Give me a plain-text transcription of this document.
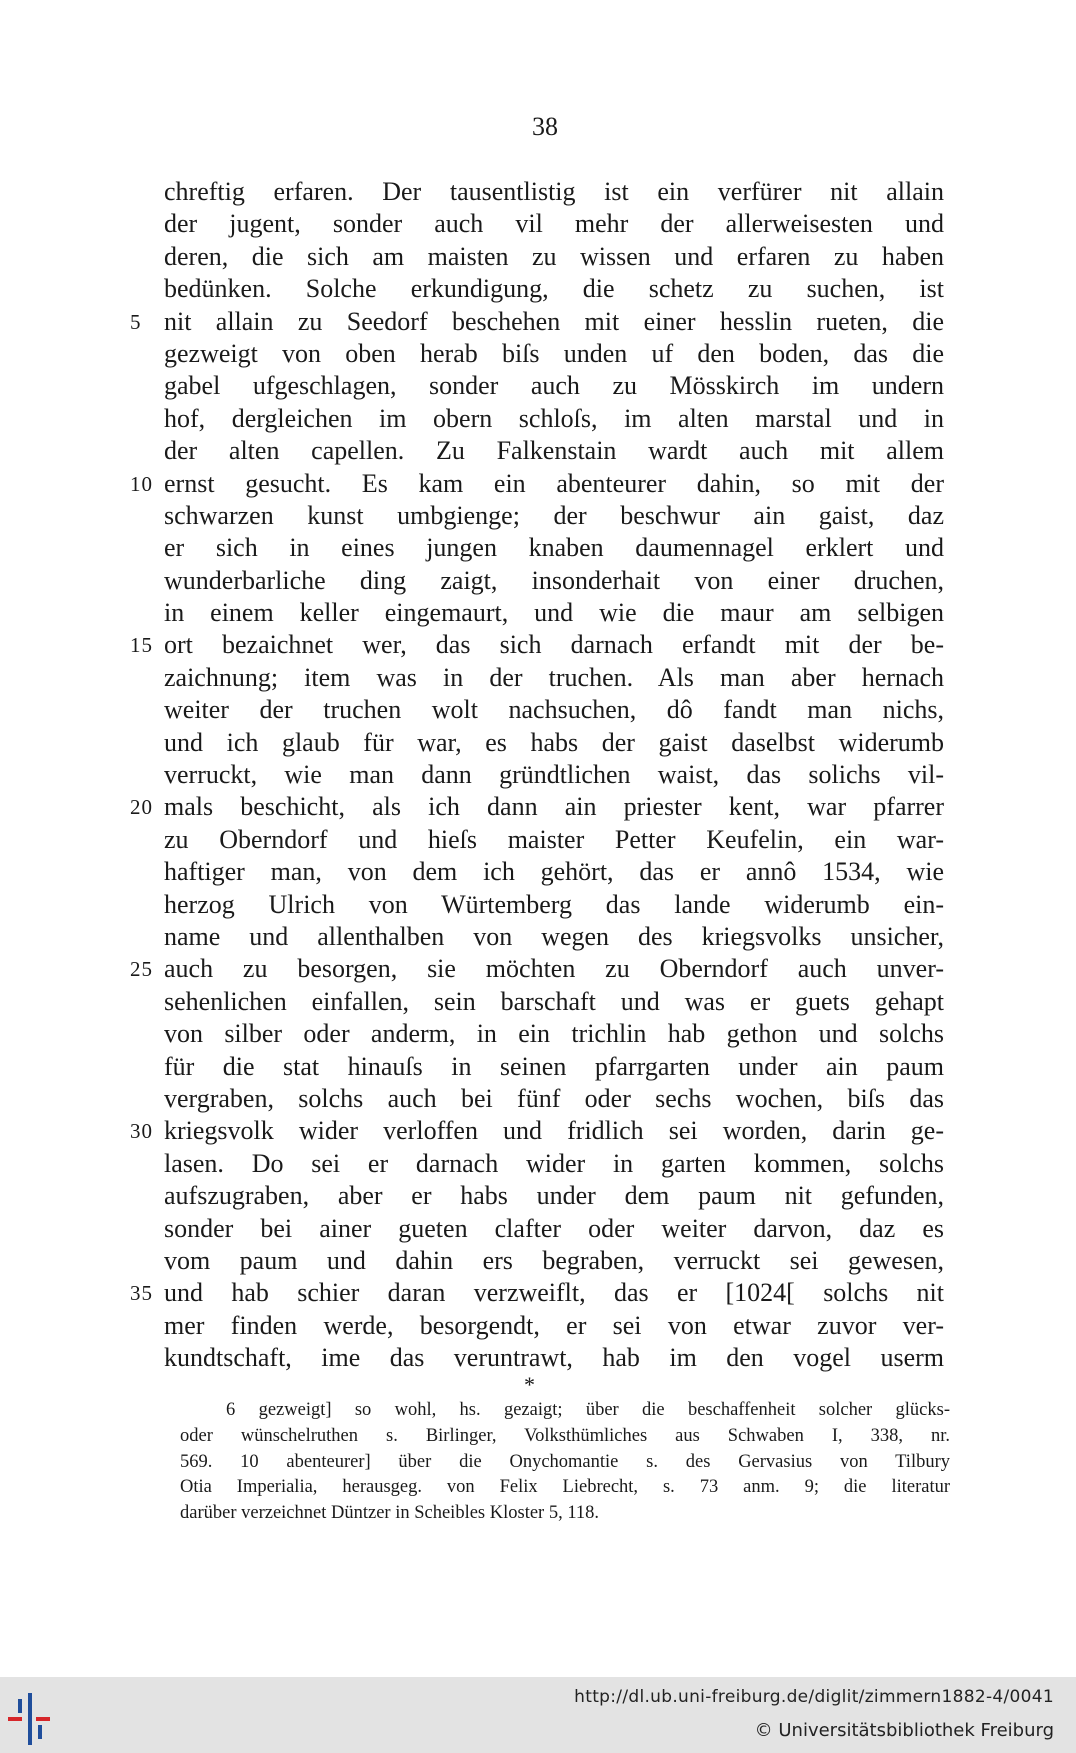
38
chreftig erfaren. Der tausentlistig ist ein verfürer nit allain
der jugent, sonder auch vil mehr der allerweisesten und
deren, die sich am maisten zu wissen und erfaren zu haben
bedünken. Solche erkundigung, die schetz zu suchen, ist
5 nit allain zu Seedorf beschehen mit einer hesslin rueten, die
gezweigt von oben herab biſs unden uf den boden, das die
gabel ufgeschlagen, sonder auch zu Mösskirch im undern
hof, dergleichen im obern schloſs, im alten marstal und in
der alten capellen. Zu Falkenstain wardt auch mit allem
10 ernst gesucht. Es kam ein abenteurer dahin, so mit der
schwarzen kunst umbgienge; der beschwur ain gaist, daz
er sich in eines jungen knaben daumennagel erklert und
wunderbarliche ding zaigt, insonderhait von einer druchen,
in einem keller eingemaurt, und wie die maur am selbigen
15 ort bezaichnet wer, das sich darnach erfandt mit der be-
zaichnung; item was in der truchen. Als man aber hernach
weiter der truchen wolt nachsuchen, dô fandt man nichs,
und ich glaub für war, es habs der gaist daselbst widerumb
verruckt, wie man dann gründtlichen waist, das solichs vil-
20 mals beschicht, als ich dann ain priester kent, war pfarrer
zu Oberndorf und hieſs maister Petter Keufelin, ein war-
haftiger man, von dem ich gehört, das er annô 1534, wie
herzog Ulrich von Würtemberg das lande widerumb ein-
name und allenthalben von wegen des kriegsvolks unsicher,
25 auch zu besorgen, sie möchten zu Oberndorf auch unver-
sehenlichen einfallen, sein barschaft und was er guets gehapt
von silber oder anderm, in ein trichlin hab gethon und solchs
für die stat hinauſs in seinen pfarrgarten under ain paum
vergraben, solchs auch bei fünf oder sechs wochen, biſs das
30 kriegsvolk wider verloffen und fridlich sei worden, darin ge-
lasen. Do sei er darnach wider in garten kommen, solchs
aufszugraben, aber er habs under dem paum nit gefunden,
sonder bei ainer gueten clafter oder weiter darvon, daz es
vom paum und dahin ers begraben, verruckt sei gewesen,
35 und hab schier daran verzweiflt, das er [1024[ solchs nit
mer finden werde, besorgendt, er sei von etwar zuvor ver-
kundtschaft, ime das veruntrawt, hab im den vogel userm
*
6 gezweigt] so wohl, hs. gezaigt; über die beschaffenheit solcher glücks-
oder wünschelruthen s. Birlinger, Volksthümliches aus Schwaben I, 338, nr.
569. 10 abenteurer] über die Onychomantie s. des Gervasius von Tilbury
Otia Imperialia, herausgeg. von Felix Liebrecht, s. 73 anm. 9; die literatur
darüber verzeichnet Düntzer in Scheibles Kloster 5, 118.
http://dl.ub.uni-freiburg.de/diglit/zimmern1882-4/0041
© Universitätsbibliothek Freiburg
